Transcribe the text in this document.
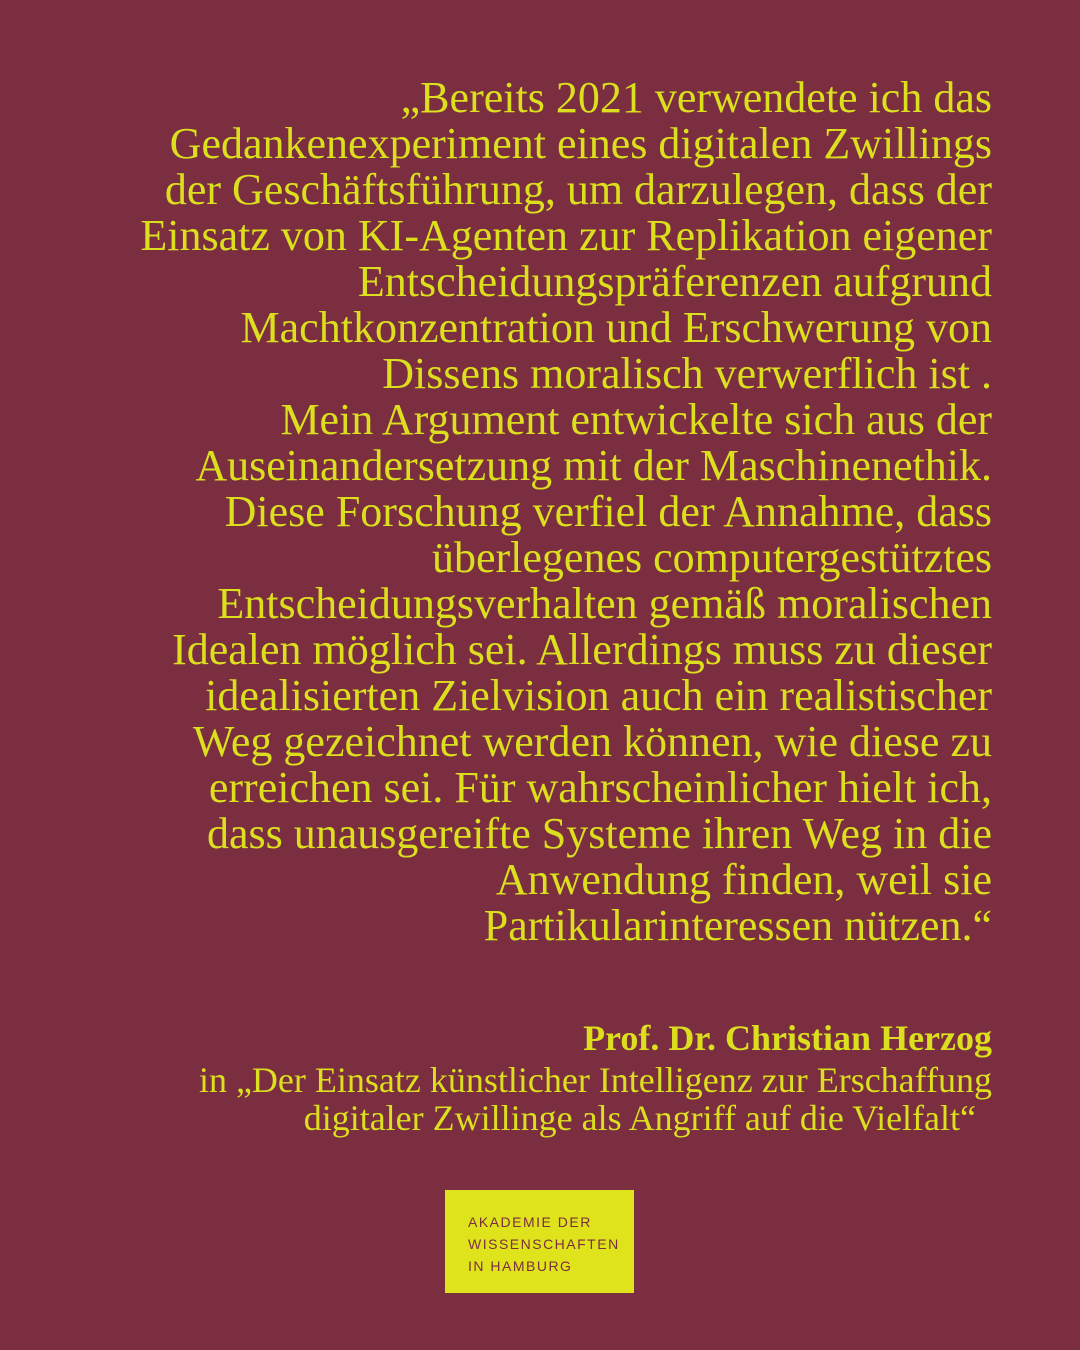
„Bereits 2021 verwendete ich das
Gedankenexperiment eines digitalen Zwillings
der Geschäftsführung, um darzulegen, dass der
Einsatz von KI-Agenten zur Replikation eigener
Entscheidungspräferenzen aufgrund
Machtkonzentration und Erschwerung von
Dissens moralisch verwerflich ist .
Mein Argument entwickelte sich aus der
Auseinandersetzung mit der Maschinenethik.
Diese Forschung verfiel der Annahme, dass
überlegenes computergestütztes
Entscheidungsverhalten gemäß moralischen
Idealen möglich sei. Allerdings muss zu dieser
idealisierten Zielvision auch ein realistischer
Weg gezeichnet werden können, wie diese zu
erreichen sei. Für wahrscheinlicher hielt ich,
dass unausgereifte Systeme ihren Weg in die
Anwendung finden, weil sie
Partikularinteressen nützen.“
Prof. Dr. Christian Herzog
in „Der Einsatz künstlicher Intelligenz zur Erschaffung
digitaler Zwillinge als Angriff auf die Vielfalt“
AKADEMIE DER
WISSENSCHAFTEN
IN HAMBURG
